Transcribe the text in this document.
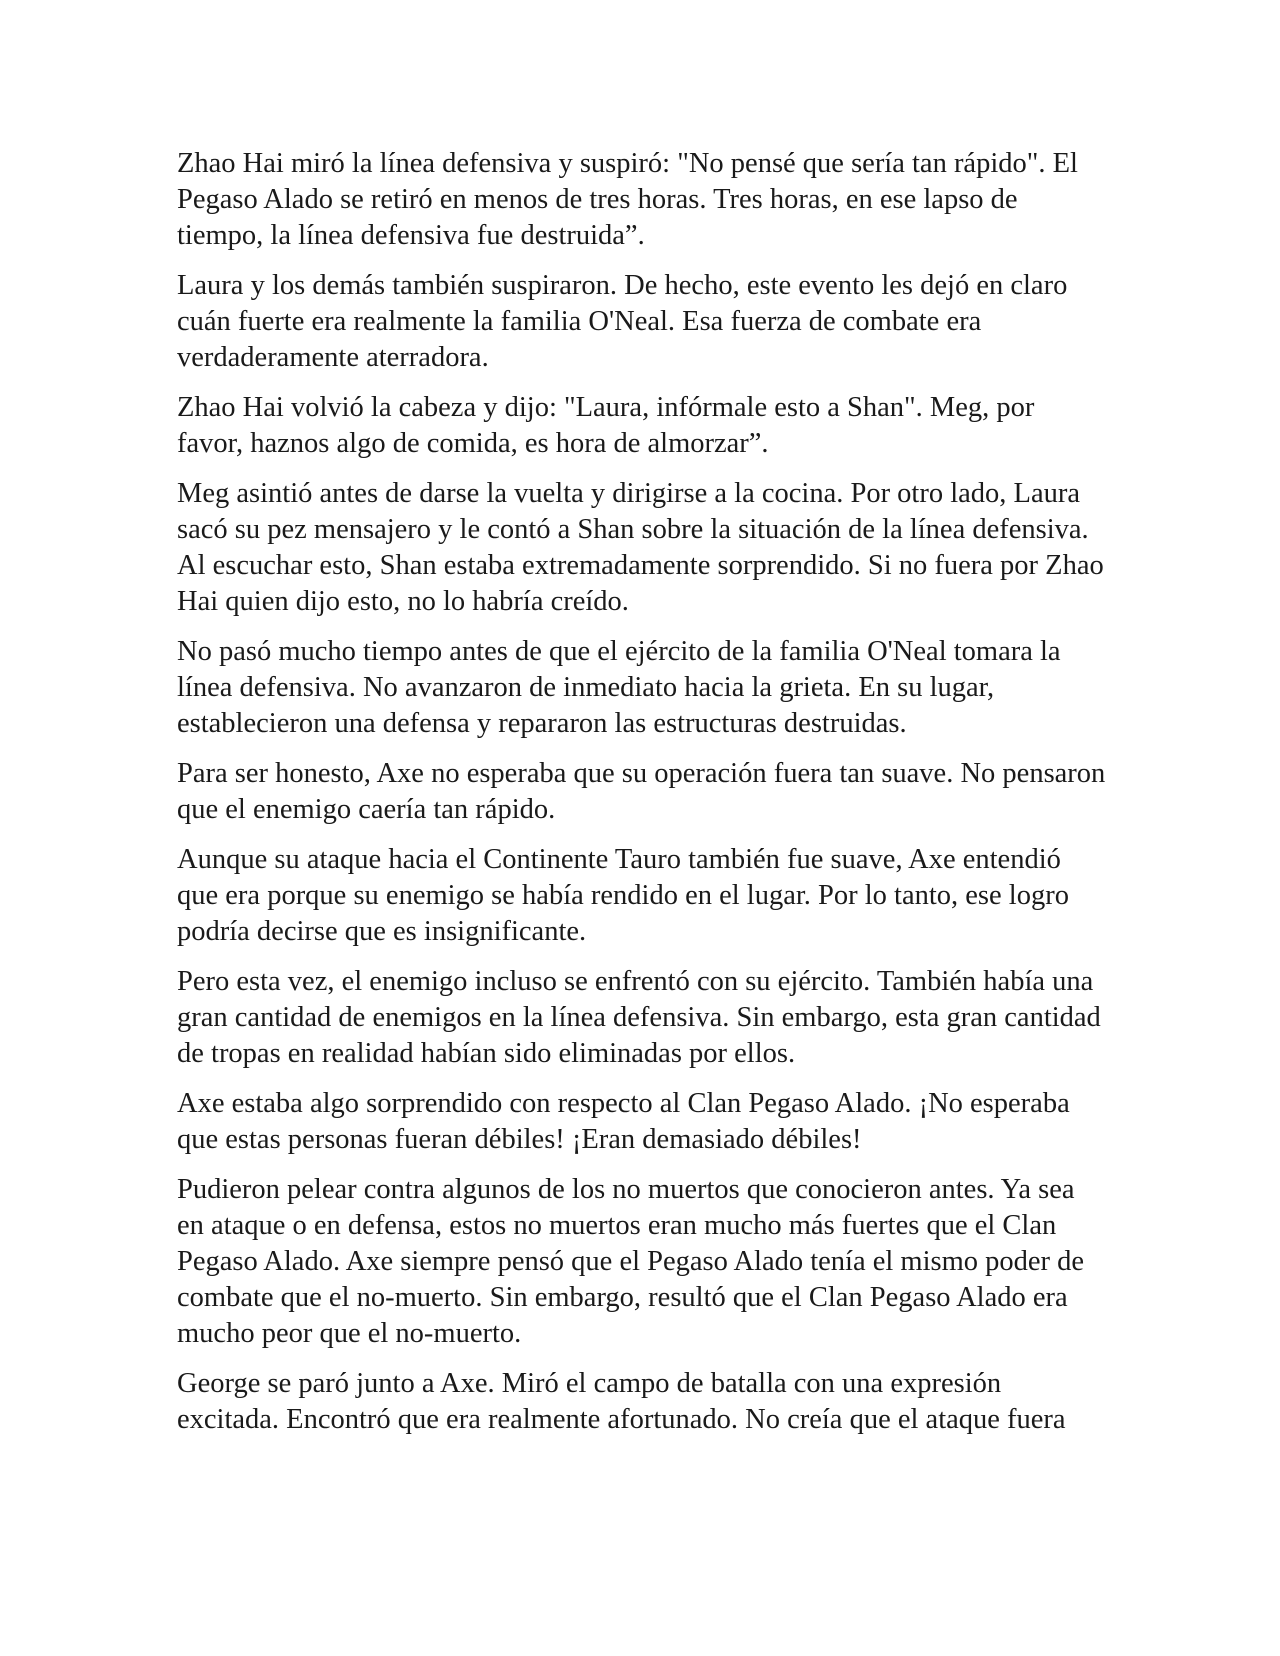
Zhao Hai miró la línea defensiva y suspiró: "No pensé que sería tan rápido". El Pegaso Alado se retiró en menos de tres horas. Tres horas, en ese lapso de tiempo, la línea defensiva fue destruida”.

Laura y los demás también suspiraron. De hecho, este evento les dejó en claro cuán fuerte era realmente la familia O'Neal. Esa fuerza de combate era verdaderamente aterradora.

Zhao Hai volvió la cabeza y dijo: "Laura, infórmale esto a Shan". Meg, por favor, haznos algo de comida, es hora de almorzar”.

Meg asintió antes de darse la vuelta y dirigirse a la cocina. Por otro lado, Laura sacó su pez mensajero y le contó a Shan sobre la situación de la línea defensiva. Al escuchar esto, Shan estaba extremadamente sorprendido. Si no fuera por Zhao Hai quien dijo esto, no lo habría creído.

No pasó mucho tiempo antes de que el ejército de la familia O'Neal tomara la línea defensiva. No avanzaron de inmediato hacia la grieta. En su lugar, establecieron una defensa y repararon las estructuras destruidas.

Para ser honesto, Axe no esperaba que su operación fuera tan suave. No pensaron que el enemigo caería tan rápido.

Aunque su ataque hacia el Continente Tauro también fue suave, Axe entendió que era porque su enemigo se había rendido en el lugar. Por lo tanto, ese logro podría decirse que es insignificante.

Pero esta vez, el enemigo incluso se enfrentó con su ejército. También había una gran cantidad de enemigos en la línea defensiva. Sin embargo, esta gran cantidad de tropas en realidad habían sido eliminadas por ellos.

Axe estaba algo sorprendido con respecto al Clan Pegaso Alado. ¡No esperaba que estas personas fueran débiles! ¡Eran demasiado débiles!

Pudieron pelear contra algunos de los no muertos que conocieron antes. Ya sea en ataque o en defensa, estos no muertos eran mucho más fuertes que el Clan Pegaso Alado. Axe siempre pensó que el Pegaso Alado tenía el mismo poder de combate que el no-muerto. Sin embargo, resultó que el Clan Pegaso Alado era mucho peor que el no-muerto.

George se paró junto a Axe. Miró el campo de batalla con una expresión excitada. Encontró que era realmente afortunado. No creía que el ataque fuera
